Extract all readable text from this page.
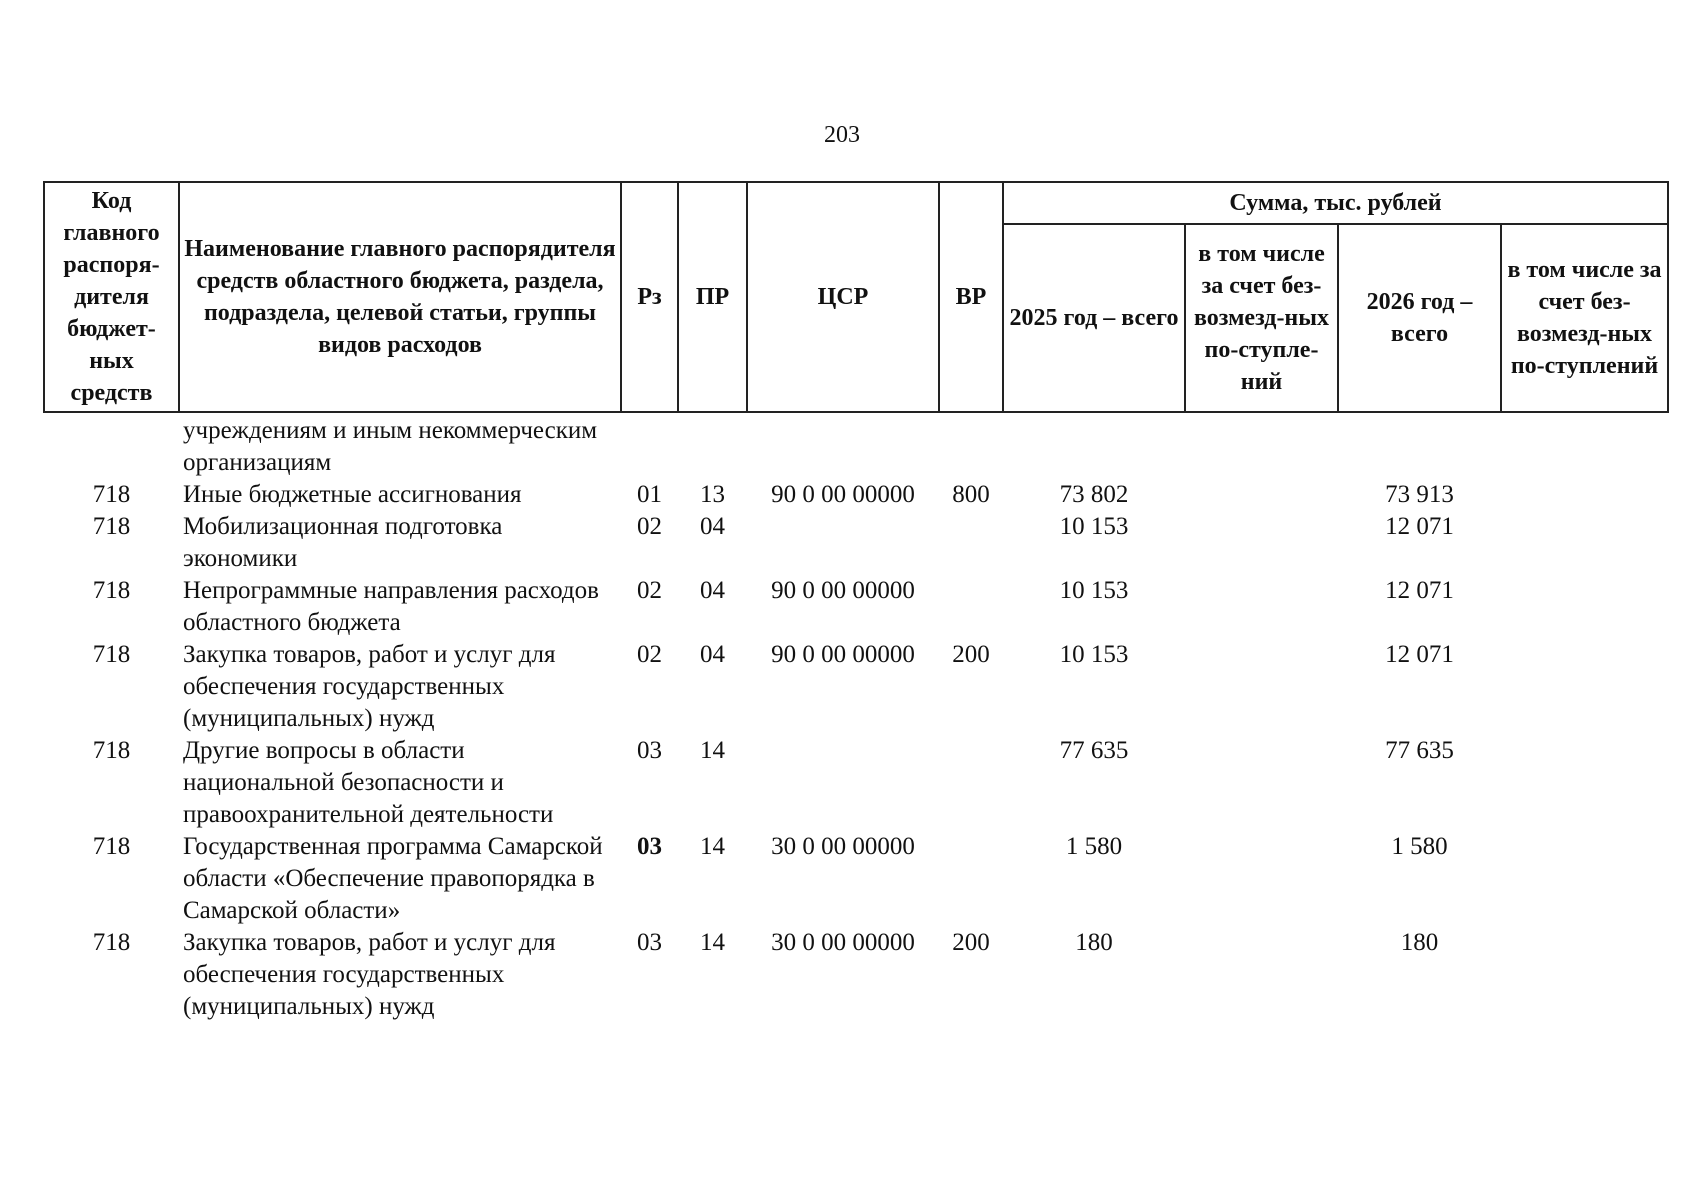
203
Код главного распоря-дителя бюджет-ных средств	Наименование главного распорядителя средств областного бюджета, раздела, подраздела, целевой статьи, группы видов расходов	Рз	ПР	ЦСР	ВР	Сумма, тыс. рублей			
						2025 год – всего	в том числе за счет без-возмезд-ных по-ступле-ний	2026 год – всего	в том числе за счет без-возмезд-ных по-ступлений
	учреждениям и иным некоммерческим организациям								
718	Иные бюджетные ассигнования	01	13	90 0 00 00000	800	73 802		73 913	
718	Мобилизационная подготовка экономики	02	04			10 153		12 071	
718	Непрограммные направления расходов областного бюджета	02	04	90 0 00 00000		10 153		12 071	
718	Закупка товаров, работ и услуг для обеспечения государственных (муниципальных) нужд	02	04	90 0 00 00000	200	10 153		12 071	
718	Другие вопросы в области национальной безопасности и правоохранительной деятельности	03	14			77 635		77 635	
718	Государственная программа Самарской области «Обеспечение правопорядка в Самарской области»	03	14	30 0 00 00000		1 580		1 580	
718	Закупка товаров, работ и услуг для обеспечения государственных (муниципальных) нужд	03	14	30 0 00 00000	200	180		180	
